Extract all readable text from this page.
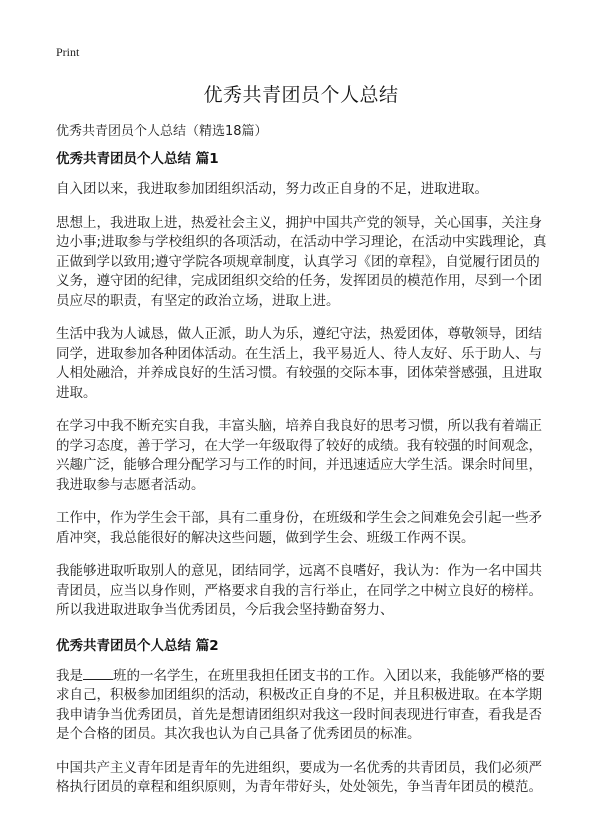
Print
优秀共青团员个人总结
优秀共青团员个人总结（精选18篇）
优秀共青团员个人总结 篇1

自入团以来，我进取参加团组织活动，努力改正自身的不足，进取进取。

思想上，我进取上进，热爱社会主义，拥护中国共产党的领导，关心国事，关注身边小事;进取参与学校组织的各项活动，在活动中学习理论，在活动中实践理论，真正做到学以致用;遵守学院各项规章制度，认真学习《团的章程》，自觉履行团员的义务，遵守团的纪律，完成团组织交给的任务，发挥团员的模范作用，尽到一个团员应尽的职责，有坚定的政治立场，进取上进。

生活中我为人诚恳，做人正派，助人为乐，遵纪守法，热爱团体，尊敬领导，团结同学，进取参加各种团体活动。在生活上，我平易近人、待人友好、乐于助人、与人相处融洽，并养成良好的生活习惯。有较强的交际本事，团体荣誉感强，且进取进取。

在学习中我不断充实自我，丰富头脑，培养自我良好的思考习惯，所以我有着端正的学习态度，善于学习，在大学一年级取得了较好的成绩。我有较强的时间观念，兴趣广泛，能够合理分配学习与工作的时间，并迅速适应大学生活。课余时间里，我进取参与志愿者活动。

工作中，作为学生会干部，具有二重身份，在班级和学生会之间难免会引起一些矛盾冲突，我总能很好的解决这些问题，做到学生会、班级工作两不误。

我能够进取听取别人的意见，团结同学，远离不良嗜好，我认为：作为一名中国共青团员，应当以身作则，严格要求自我的言行举止，在同学之中树立良好的榜样。所以我进取进取争当优秀团员，今后我会坚持勤奋努力、

优秀共青团员个人总结 篇2

我是 班的一名学生，在班里我担任团支书的工作。入团以来，我能够严格的要求自己，积极参加团组织的活动，积极改正自身的不足，并且积极进取。在本学期我申请争当优秀团员，首先是想请团组织对我这一段时间表现进行审查，看我是否是个合格的团员。其次我也认为自己具备了优秀团员的标准。

中国共产主义青年团是青年的先进组织，要成为一名优秀的共青团员，我们必须严格执行团员的章程和组织原则，为青年带好头，处处领先，争当青年团员的模范。
